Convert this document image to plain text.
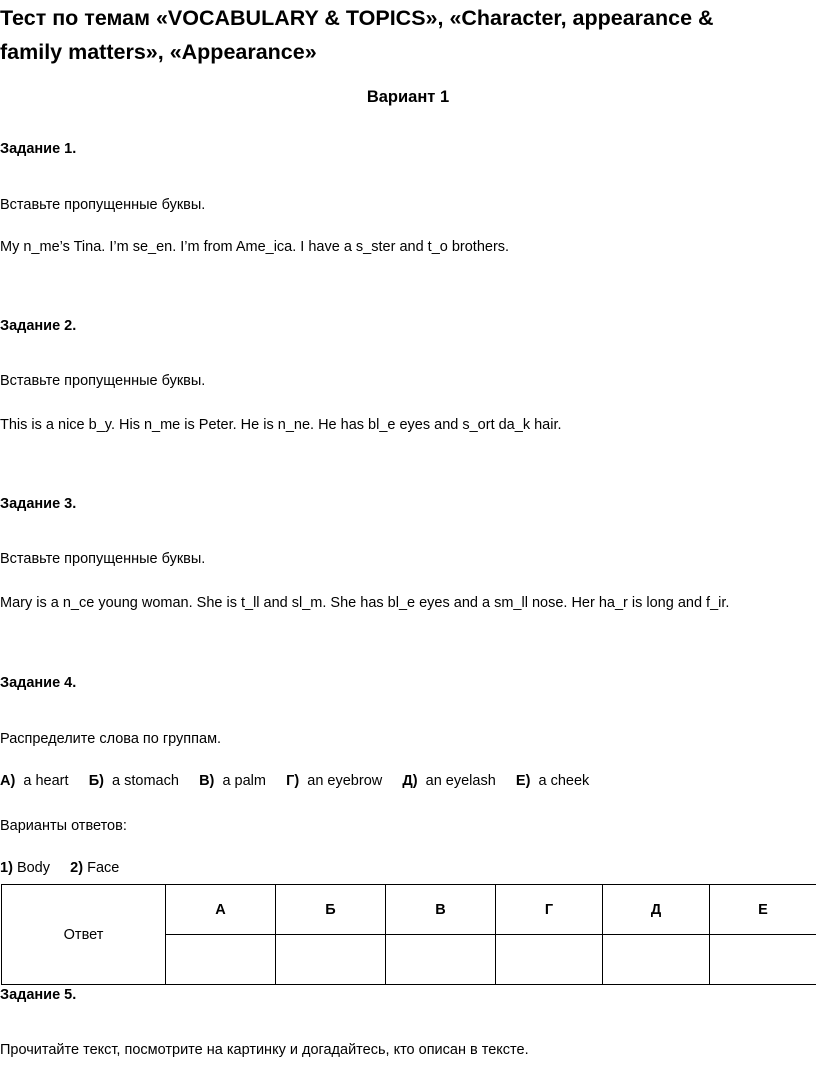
Тест по темам «VOCABULARY & TOPICS», «Character, appearance &
family matters», «Appearance»
Вариант 1
Задание 1.
Вставьте пропущенные буквы.
My n_me’s Tina. I’m se_en. I’m from Ame_ica. I have a s_ster and t_o brothers.
Задание 2.
Вставьте пропущенные буквы.
This is a nice b_y. His n_me is Peter. He is n_ne. He has bl_e eyes and s_ort da_k hair.
Задание 3.
Вставьте пропущенные буквы.
Mary is a n_ce young woman. She is t_ll and sl_m. She has bl_e eyes and a sm_ll nose. Her ha_r is long and f_ir.
Задание 4.
Распределите слова по группам.
А) a heart Б) a stomach В) a palm Г) an eyebrow Д) an eyelash Е) a cheek
Варианты ответов:
1) Body 2) Face
Ответ	А	Б	В	Г	Д	Е

Задание 5.
Прочитайте текст, посмотрите на картинку и догадайтесь, кто описан в тексте.
